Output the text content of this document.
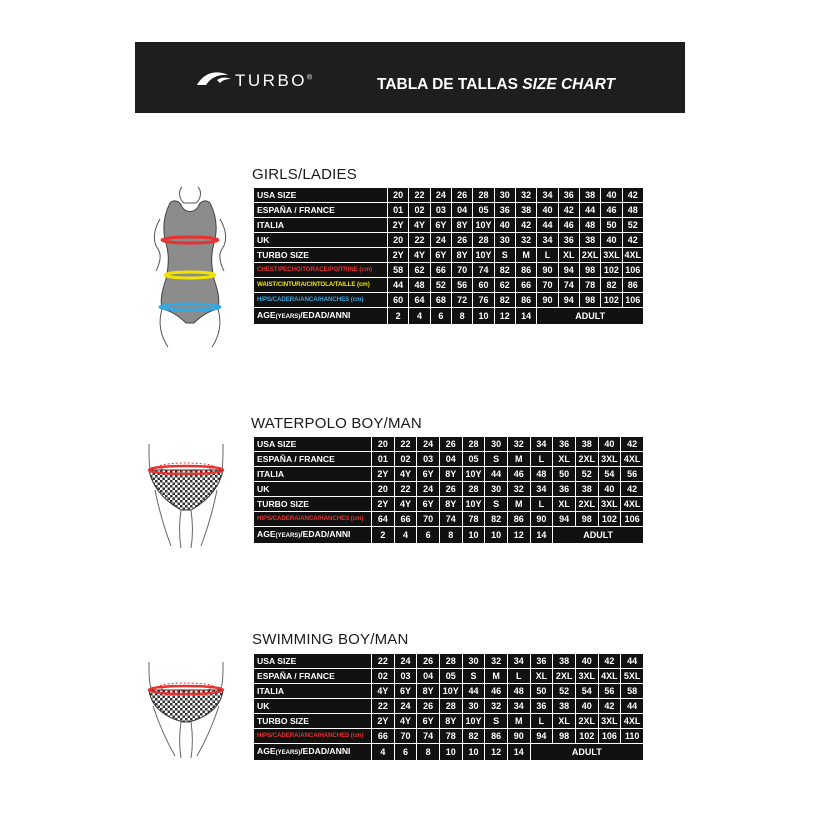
TURBO®	TABLA DE TALLAS SIZE CHART
GIRLS/LADIES
USA SIZE	20	22	24	26	28	30	32	34	36	38	40	42
ESPAÑA / FRANCE	01	02	03	04	05	36	38	40	42	44	46	48
ITALIA	2Y	4Y	6Y	8Y	10Y	40	42	44	46	48	50	52
UK	20	22	24	26	28	30	32	34	36	38	40	42
TURBO SIZE	2Y	4Y	6Y	8Y	10Y	S	M	L	XL	2XL	3XL	4XL
CHEST/PECHO/TORACE/POITRINE (cm)	58	62	66	70	74	82	86	90	94	98	102	106
WAIST/CINTURA/CINTOLA/TAILLE (cm)	44	48	52	56	60	62	66	70	74	78	82	86
HIPS/CADERA/ANCA/HANCHES (cm)	60	64	68	72	76	82	86	90	94	98	102	106
AGE(YEARS)/EDAD/ANNI	2	4	6	8	10	12	14	ADULT				
WATERPOLO BOY/MAN
USA SIZE	20	22	24	26	28	30	32	34	36	38	40	42
ESPAÑA / FRANCE	01	02	03	04	05	S	M	L	XL	2XL	3XL	4XL
ITALIA	2Y	4Y	6Y	8Y	10Y	44	46	48	50	52	54	56
UK	20	22	24	26	28	30	32	34	36	38	40	42
TURBO SIZE	2Y	4Y	6Y	8Y	10Y	S	M	L	XL	2XL	3XL	4XL
HIPS/CADERA/ANCA/HANCHES (cm)	64	66	70	74	78	82	86	90	94	98	102	106
AGE(YEARS)/EDAD/ANNI	2	4	6	8	10	10	12	14	ADULT			
SWIMMING BOY/MAN
USA SIZE	22	24	26	28	30	32	34	36	38	40	42	44
ESPAÑA / FRANCE	02	03	04	05	S	M	L	XL	2XL	3XL	4XL	5XL
ITALIA	4Y	6Y	8Y	10Y	44	46	48	50	52	54	56	58
UK	22	24	26	28	30	32	34	36	38	40	42	44
TURBO SIZE	2Y	4Y	6Y	8Y	10Y	S	M	L	XL	2XL	3XL	4XL
HIPS/CADERA/ANCA/HANCHES (cm)	66	70	74	78	82	86	90	94	98	102	106	110
AGE(YEARS)/EDAD/ANNI	4	6	8	10	10	12	14	ADULT				
